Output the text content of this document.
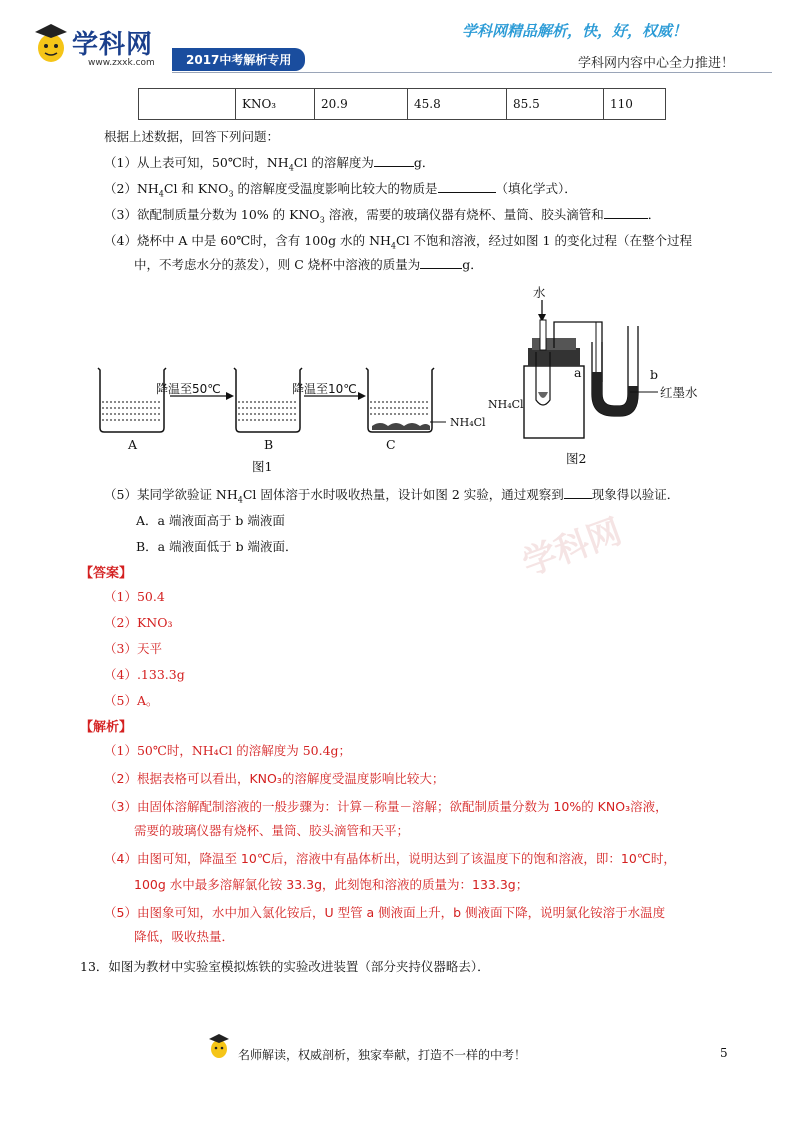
学科网
学科网
www.zxxk.com	2017中考解析专用
学科网精品解析，快，好，权威！
学科网内容中心全力推进！
	KNO₃	20.9	45.8	85.5	110
根据上述数据，回答下列问题：
（1）从上表可知，50℃时，$NH_4Cl$ 的溶解度为	g．
$(2)NH_4Cl$ 和 $KNO_3$ 的溶解度受温度影响比较大的物质是	（填化学式）．
（3）欲配制质量分数为 10% 的 $KNO_3$ 溶液，需要的玻璃仪器有烧杯、量筒、胶头滴管和	．
（4）烧杯中 A 中是 60℃时，含有 100g 水的 $NH_4Cl$ 不饱和溶液，经过如图 1 的变化过程（在整个过程
中，不考虑水分的蒸发），则 C 烧杯中溶液的质量为	g．
降温至50℃	降温至10℃
A	B	C
NH₄Cl
图1
水
NH₄Cl
a	b
红墨水
图2
（5）某同学欲验证 $NH_4Cl$ 固体溶于水时吸收热量，设计如图 2 实验，通过观察到 现象得以验证．
A．a 端液面高于 b 端液面
B．a 端液面低于 b 端液面．
【答案】
（1）50.4
（2）KNO₃
（3）天平
（4）.133.3g
（5）A。
【解析】
（1）50℃时，NH₄Cl 的溶解度为 50.4g；
（2）根据表格可以看出，KNO₃的溶解度受温度影响比较大；
（3）由固体溶解配制溶液的一般步骤为：计算－称量－溶解；欲配制质量分数为 10%的 KNO₃溶液，
需要的玻璃仪器有烧杯、量筒、胶头滴管和天平；
（4）由图可知，降温至 10℃后，溶液中有晶体析出，说明达到了该温度下的饱和溶液，即：10℃时，
100g 水中最多溶解氯化铵 33.3g，此刻饱和溶液的质量为：133.3g；
（5）由图象可知，水中加入氯化铵后，U 型管 a 侧液面上升，b 侧液面下降，说明氯化铵溶于水温度
降低，吸收热量．
13．如图为教材中实验室模拟炼铁的实验改进装置（部分夹持仪器略去）．
名师解读，权威剖析，独家奉献，打造不一样的中考！	5
